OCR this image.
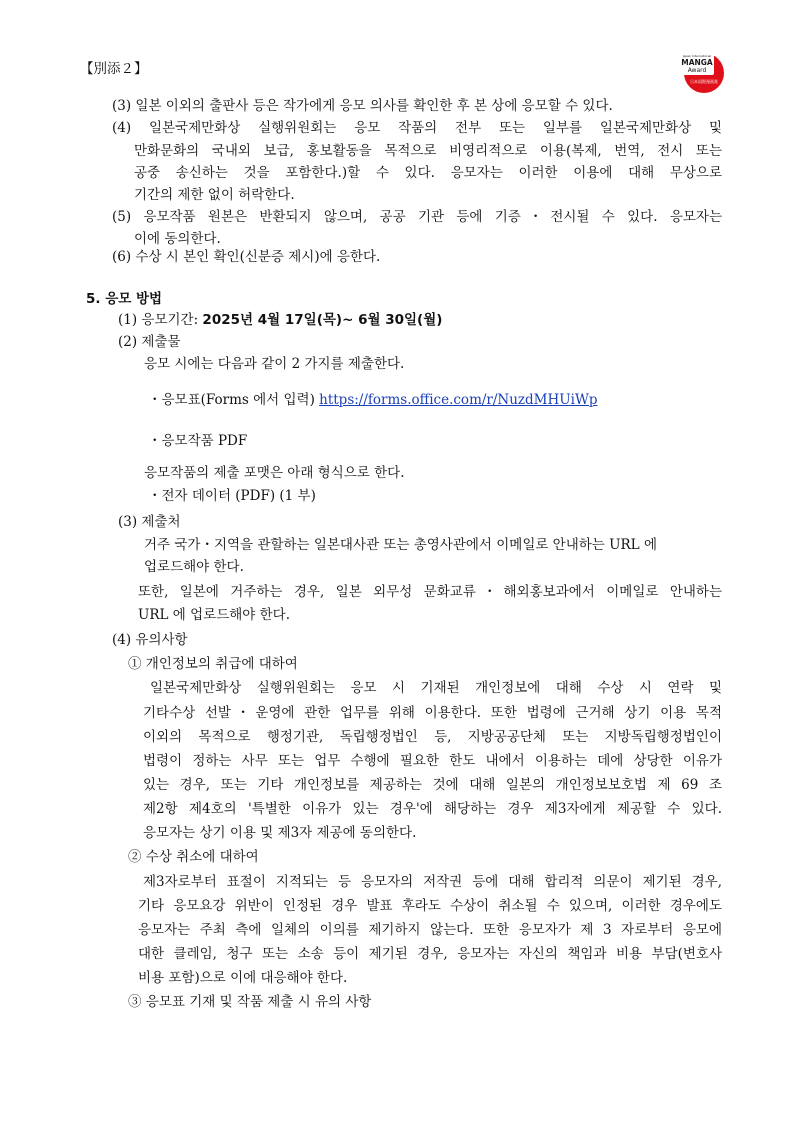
【別添２】
Japan International
MANGA
Award
日本国際漫画賞
(3) 일본 이외의 출판사 등은 작가에게 응모 의사를 확인한 후 본 상에 응모할 수 있다.
(4) 일본국제만화상 실행위원회는 응모 작품의 전부 또는 일부를 일본국제만화상 및
만화문화의 국내외 보급, 홍보활동을 목적으로 비영리적으로 이용(복제, 번역, 전시 또는
공중 송신하는 것을 포함한다.)할 수 있다. 응모자는 이러한 이용에 대해 무상으로
기간의 제한 없이 허락한다.
(5) 응모작품 원본은 반환되지 않으며, 공공 기관 등에 기증・전시될 수 있다. 응모자는
이에 동의한다.
(6) 수상 시 본인 확인(신분증 제시)에 응한다.
5. 응모 방법
(1) 응모기간: 2025년 4월 17일(목)~ 6월 30일(월)
(2) 제출물
응모 시에는 다음과 같이 2 가지를 제출한다.
・응모표(Forms 에서 입력) https://forms.office.com/r/NuzdMHUiWp
・응모작품 PDF
응모작품의 제출 포맷은 아래 형식으로 한다.
・전자 데이터 (PDF) (1 부)
(3) 제출처
거주 국가・지역을 관할하는 일본대사관 또는 총영사관에서 이메일로 안내하는 URL 에
업로드해야 한다.
또한, 일본에 거주하는 경우, 일본 외무성 문화교류・해외홍보과에서 이메일로 안내하는
URL 에 업로드해야 한다.
(4) 유의사항
① 개인정보의 취급에 대하여
일본국제만화상 실행위원회는 응모 시 기재된 개인정보에 대해 수상 시 연락 및
기타수상 선발・운영에 관한 업무를 위해 이용한다. 또한 법령에 근거해 상기 이용 목적
이외의 목적으로 행정기관, 독립행정법인 등, 지방공공단체 또는 지방독립행정법인이
법령이 정하는 사무 또는 업무 수행에 필요한 한도 내에서 이용하는 데에 상당한 이유가
있는 경우, 또는 기타 개인정보를 제공하는 것에 대해 일본의 개인정보보호법 제 69 조
제2항 제4호의 '특별한 이유가 있는 경우'에 해당하는 경우 제3자에게 제공할 수 있다.
응모자는 상기 이용 및 제3자 제공에 동의한다.
② 수상 취소에 대하여
제3자로부터 표절이 지적되는 등 응모자의 저작권 등에 대해 합리적 의문이 제기된 경우,
기타 응모요강 위반이 인정된 경우 발표 후라도 수상이 취소될 수 있으며, 이러한 경우에도
응모자는 주최 측에 일체의 이의를 제기하지 않는다. 또한 응모자가 제 3 자로부터 응모에
대한 클레임, 청구 또는 소송 등이 제기된 경우, 응모자는 자신의 책임과 비용 부담(변호사
비용 포함)으로 이에 대응해야 한다.
③ 응모표 기재 및 작품 제출 시 유의 사항
